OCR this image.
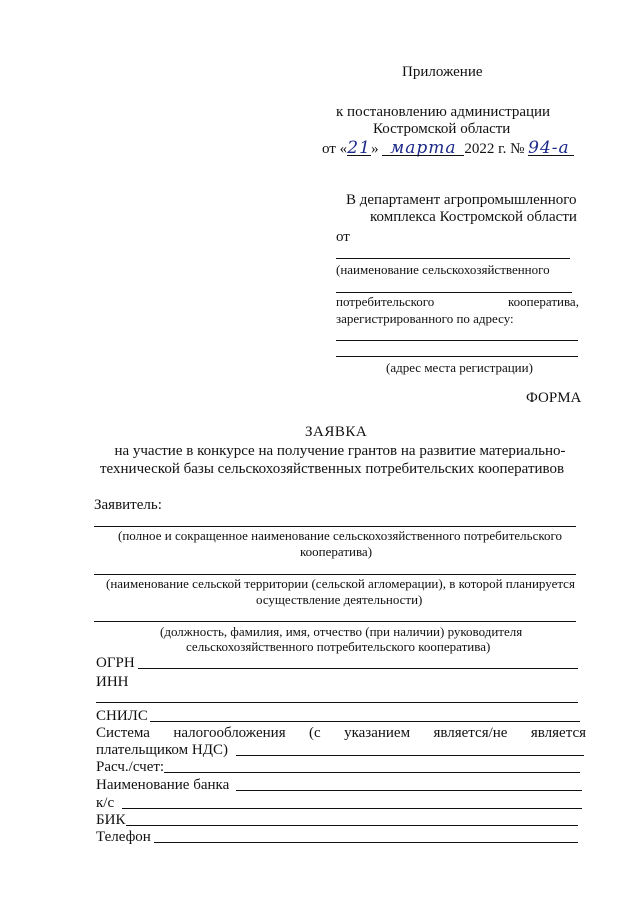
Приложение
к постановлению администрации
Костромской области
от «21» марта 2022 г. № 94-а
В департамент агропромышленного
комплекса Костромской области
от
(наименование сельскохозяйственного
потребительского	кооператива,
зарегистрированного по адресу:
(адрес места регистрации)
ФОРМА
ЗАЯВКА
на участие в конкурсе на получение грантов на развитие материально-
технической базы сельскохозяйственных потребительских кооперативов
Заявитель:
(полное и сокращенное наименование сельскохозяйственного потребительского
кооператива)
(наименование сельской территории (сельской агломерации), в которой планируется
осуществление деятельности)
(должность, фамилия, имя, отчество (при наличии) руководителя
сельскохозяйственного потребительского кооператива)
ОГРН
ИНН
СНИЛС
Система налогообложения (с указанием является/не является
плательщиком НДС)
Расч./счет:
Наименование банка
к/с
БИК
Телефон
